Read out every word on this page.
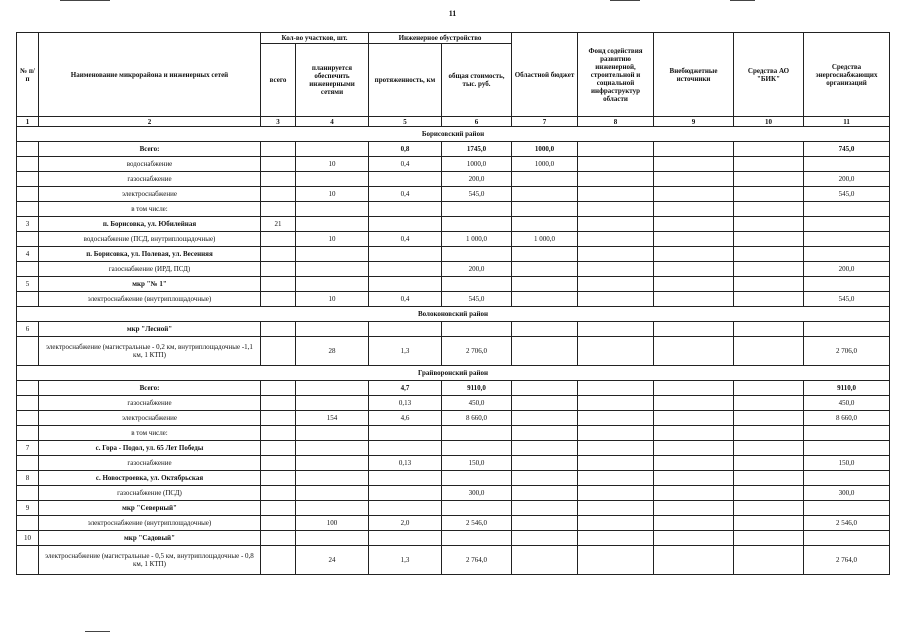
11
№ п/п	Наименование микрорайона и инженерных сетей	Кол-во участков, шт.		Инженерное обустройство		Областной бюджет	Фонд содействия развитию инженерной, строительной и социальной инфраструктур области	Внебюджетные источники	Средства АО "БИК"	Средства энергоснабжающих организаций
		всего	планируется обеспечить инженерными сетями	протяженность, км	общая стоимость, тыс. руб.					
1	2	3	4	5	6	7	8	9	10	11
Борисовский район										
	Всего:			0,8	1745,0	1000,0				745,0
	водоснабжение		10	0,4	1000,0	1000,0				
	газоснабжение				200,0					200,0
	электроснабжение		10	0,4	545,0					545,0
	в том числе:									
3	п. Борисовка, ул. Юбилейная	21								
	водоснабжение (ПСД, внутриплощадочные)		10	0,4	1 000,0	1 000,0				
4	п. Борисовка, ул. Полевая, ул. Весенняя									
	газоснабжение (ИРД, ПСД)				200,0					200,0
5	мкр "№ 1"									
	электроснабжение (внутриплощадочные)		10	0,4	545,0					545,0
Волоконовский район										
6	мкр "Лесной"									
	электроснабжение (магистральные - 0,2 км, внутриплощадочные -1,1 км, 1 КТП)		28	1,3	2 706,0					2 706,0
Грайворонский район										
	Всего:			4,7	9110,0					9110,0
	газоснабжение			0,13	450,0					450,0
	электроснабжение		154	4,6	8 660,0					8 660,0
	в том числе:									
7	с. Гора - Подол, ул. 65 Лет Победы									
	газоснабжение			0,13	150,0					150,0
8	с. Новостроевка, ул. Октябрьская									
	газоснабжение (ПСД)				300,0					300,0
9	мкр "Северный"									
	электроснабжение (внутриплощадочные)		100	2,0	2 546,0					2 546,0
10	мкр "Садовый"									
	электроснабжение (магистральные - 0,5 км, внутриплощадочные - 0,8 км, 1 КТП)		24	1,3	2 764,0					2 764,0
